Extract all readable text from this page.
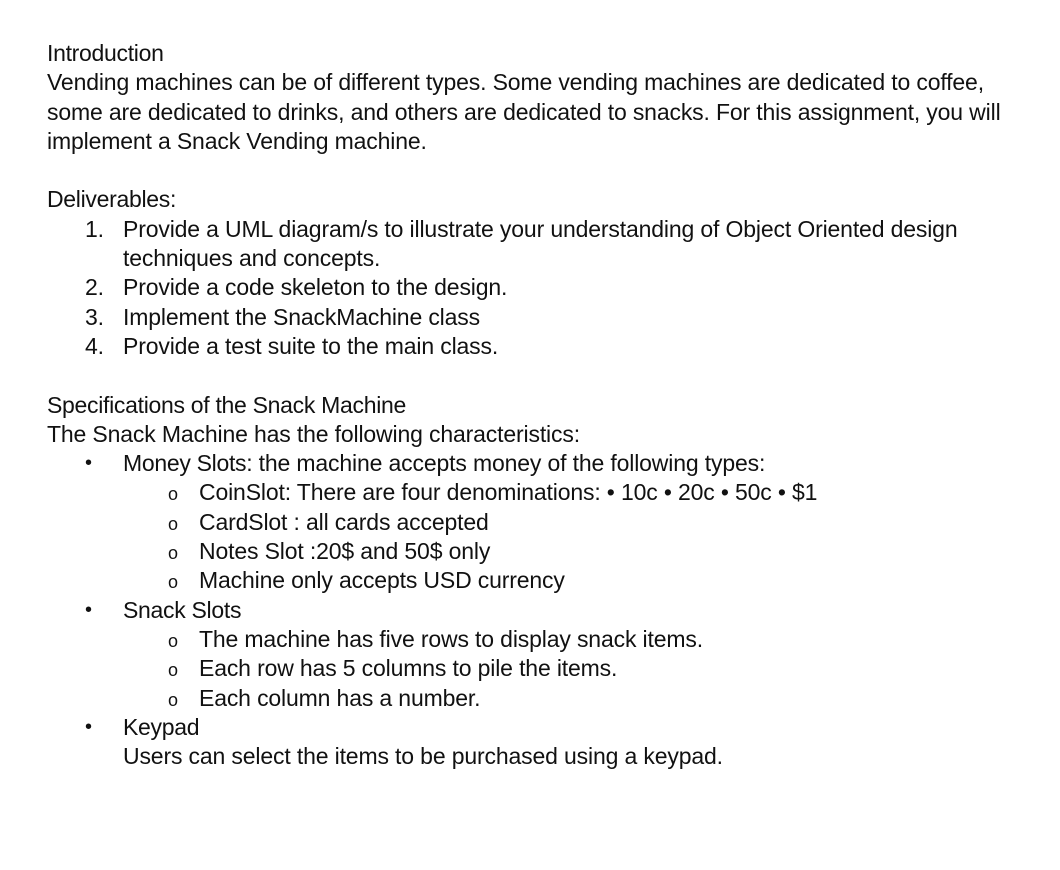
Introduction

Vending machines can be of different types. Some vending machines are dedicated to coffee, some are dedicated to drinks, and others are dedicated to snacks. For this assignment, you will implement a Snack Vending machine.

Deliverables:
1. Provide a UML diagram/s to illustrate your understanding of Object Oriented design techniques and concepts.
2. Provide a code skeleton to the design.
3. Implement the SnackMachine class
4. Provide a test suite to the main class.
Specifications of the Snack Machine

The Snack Machine has the following characteristics:

• Money Slots: the machine accepts money of the following types:
o CoinSlot: There are four denominations: • 10c • 20c • 50c • $1
o CardSlot : all cards accepted
o Notes Slot :20$ and 50$ only
o Machine only accepts USD currency
• Snack Slots
o The machine has five rows to display snack items.
o Each row has 5 columns to pile the items.
o Each column has a number.
• Keypad
Users can select the items to be purchased using a keypad.
